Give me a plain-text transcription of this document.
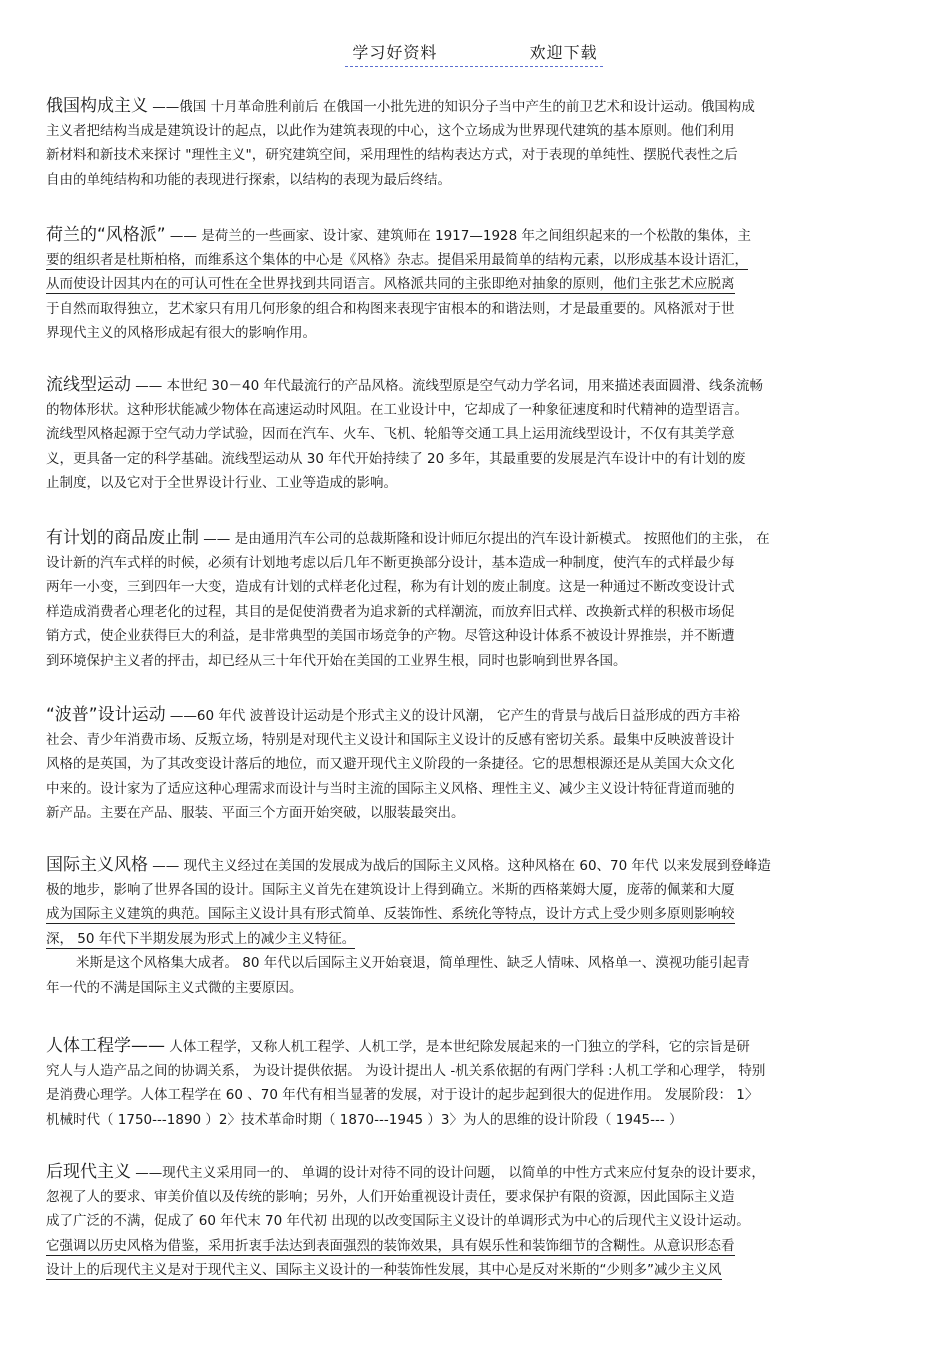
学习好资料	欢迎下载
俄国构成主义 ——俄国 十月革命胜利前后 在俄国一小批先进的知识分子当中产生的前卫艺术和设计运动。俄国构成
主义者把结构当成是建筑设计的起点，以此作为建筑表现的中心，这个立场成为世界现代建筑的基本原则。他们利用
新材料和新技术来探讨 "理性主义"，研究建筑空间，采用理性的结构表达方式，对于表现的单纯性、摆脱代表性之后
自由的单纯结构和功能的表现进行探索，以结构的表现为最后终结。
荷兰的“风格派” —— 是荷兰的一些画家、设计家、建筑师在 1917—1928 年之间组织起来的一个松散的集体，主
要的组织者是杜斯柏格，而维系这个集体的中心是《风格》杂志。提倡采用最简单的结构元素，以形成基本设计语汇，
从而使设计因其内在的可认可性在全世界找到共同语言。风格派共同的主张即绝对抽象的原则，他们主张艺术应脱离
于自然而取得独立，艺术家只有用几何形象的组合和构图来表现宇宙根本的和谐法则，才是最重要的。风格派对于世
界现代主义的风格形成起有很大的影响作用。
流线型运动 —— 本世纪 30－40 年代最流行的产品风格。流线型原是空气动力学名词，用来描述表面圆滑、线条流畅
的物体形状。这种形状能减少物体在高速运动时风阻。在工业设计中，它却成了一种象征速度和时代精神的造型语言。
流线型风格起源于空气动力学试验，因而在汽车、火车、飞机、轮船等交通工具上运用流线型设计，不仅有其美学意
义，更具备一定的科学基础。流线型运动从 30 年代开始持续了 20 多年，其最重要的发展是汽车设计中的有计划的废
止制度，以及它对于全世界设计行业、工业等造成的影响。
有计划的商品废止制 —— 是由通用汽车公司的总裁斯隆和设计师厄尔提出的汽车设计新模式。 按照他们的主张， 在
设计新的汽车式样的时候，必须有计划地考虑以后几年不断更换部分设计，基本造成一种制度，使汽车的式样最少每
两年一小变，三到四年一大变，造成有计划的式样老化过程，称为有计划的废止制度。这是一种通过不断改变设计式
样造成消费者心理老化的过程，其目的是促使消费者为追求新的式样潮流，而放弃旧式样、改换新式样的积极市场促
销方式，使企业获得巨大的利益，是非常典型的美国市场竞争的产物。尽管这种设计体系不被设计界推崇，并不断遭
到环境保护主义者的抨击，却已经从三十年代开始在美国的工业界生根，同时也影响到世界各国。
“波普”设计运动 ——60 年代 波普设计运动是个形式主义的设计风潮， 它产生的背景与战后日益形成的西方丰裕
社会、青少年消费市场、反叛立场，特别是对现代主义设计和国际主义设计的反感有密切关系。最集中反映波普设计
风格的是英国，为了其改变设计落后的地位，而又避开现代主义阶段的一条捷径。它的思想根源还是从美国大众文化
中来的。设计家为了适应这种心理需求而设计与当时主流的国际主义风格、理性主义、减少主义设计特征背道而驰的
新产品。主要在产品、服装、平面三个方面开始突破，以服装最突出。
国际主义风格 —— 现代主义经过在美国的发展成为战后的国际主义风格。这种风格在 60、70 年代 以来发展到登峰造
极的地步，影响了世界各国的设计。国际主义首先在建筑设计上得到确立。米斯的西格莱姆大厦，庞蒂的佩莱和大厦
成为国际主义建筑的典范。国际主义设计具有形式简单、反装饰性、系统化等特点，设计方式上受少则多原则影响较
深， 50 年代下半期发展为形式上的减少主义特征。
米斯是这个风格集大成者。 80 年代以后国际主义开始衰退，简单理性、缺乏人情味、风格单一、漠视功能引起青
年一代的不满是国际主义式微的主要原因。
人体工程学—— 人体工程学，又称人机工程学、人机工学，是本世纪除发展起来的一门独立的学科，它的宗旨是研
究人与人造产品之间的协调关系， 为设计提供依据。 为设计提出人 -机关系依据的有两门学科 :人机工学和心理学， 特别
是消费心理学。人体工程学在 60 、70 年代有相当显著的发展，对于设计的起步起到很大的促进作用。 发展阶段： 1〉
机械时代（ 1750---1890 ）2〉技术革命时期（ 1870---1945 ）3〉为人的思维的设计阶段（ 1945--- ）
后现代主义 ——现代主义采用同一的、 单调的设计对待不同的设计问题， 以简单的中性方式来应付复杂的设计要求，
忽视了人的要求、审美价值以及传统的影响；另外，人们开始重视设计责任，要求保护有限的资源，因此国际主义造
成了广泛的不满，促成了 60 年代末 70 年代初 出现的以改变国际主义设计的单调形式为中心的后现代主义设计运动。
它强调以历史风格为借鉴，采用折衷手法达到表面强烈的装饰效果，具有娱乐性和装饰细节的含糊性。从意识形态看
设计上的后现代主义是对于现代主义、国际主义设计的一种装饰性发展，其中心是反对米斯的“少则多”减少主义风
